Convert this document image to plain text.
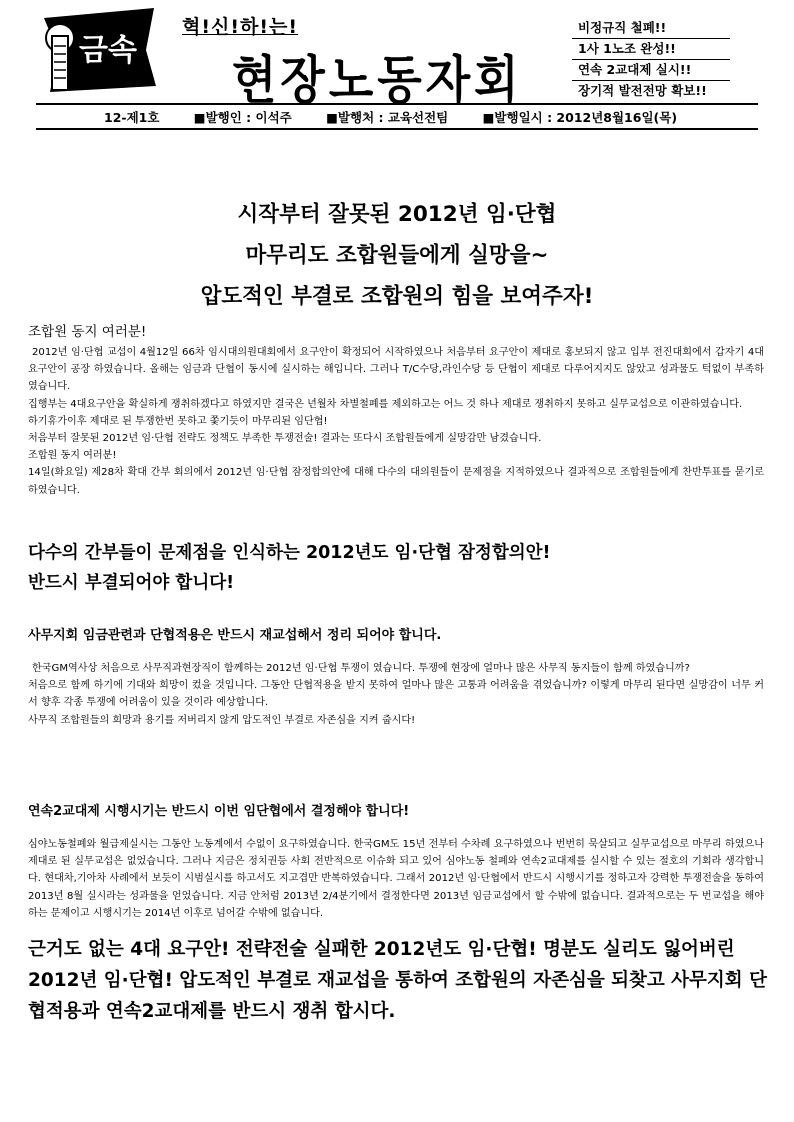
금속
혁!신!하!는!
현장노동자회
비정규직 철폐!!
1사 1노조 완성!!
연속 2교대제 실시!!
장기적 발전전망 확보!!
12-제1호	■발행인 : 이석주	■발행처 : 교육선전팀	■발행일시 : 2012년8월16일(목)
시작부터 잘못된 2012년 임·단협
마무리도 조합원들에게 실망을~
압도적인 부결로 조합원의 힘을 보여주자!
조합원 동지 여러분!
2012년 임·단협 교섭이 4월12일 66차 임시대의원대회에서 요구안이 확정되어 시작하였으나 처음부터 요구안이 제대로 홍보되지 않고 입부 전진대회에서 갑자기 4대 요구안이 공장 하였습니다. 올해는 임금과 단협이 동시에 실시하는 해입니다. 그러나 T/C수당,라인수당 등 단협이 제대로 다루어지지도 않았고 성과물도 턱없이 부족하였습니다.
집행부는 4대요구안을 확실하게 쟁취하겠다고 하였지만 결국은 년월차 차별철폐를 제외하고는 어느 것 하나 제대로 쟁취하지 못하고 실무교섭으로 이관하였습니다.
하기휴가이후 제대로 된 투쟁한번 못하고 쫓기듯이 마무리된 임단협!
처음부터 잘못된 2012년 임·단협 전략도 정책도 부족한 투쟁전술! 결과는 또다시 조합원들에게 실망감만 남겼습니다.
조합원 동지 여러분!
14일(화요일) 제28차 확대 간부 회의에서 2012년 임·단협 잠정합의안에 대해 다수의 대의원들이 문제점을 지적하였으나 결과적으로 조합원들에게 찬반투표를 묻기로 하였습니다.
다수의 간부들이 문제점을 인식하는 2012년도 임·단협 잠정합의안!
반드시 부결되어야 합니다!
사무지회 임금관련과 단협적용은 반드시 재교섭해서 정리 되어야 합니다.
한국GM역사상 처음으로 사무직과현장직이 함께하는 2012년 임·단협 투쟁이 였습니다. 투쟁에 현장에 얼마나 많은 사무직 동지들이 함께 하였습니까?
처음으로 함께 하기에 기대와 희망이 컸을 것입니다. 그동안 단협적용을 받지 못하여 얼마나 많은 고통과 어려움을 겪었습니까? 이렇게 마무리 된다면 실망감이 너무 커서 향후 각종 투쟁에 어려움이 있을 것이라 예상합니다.
사무직 조합원들의 희망과 용기를 저버리지 않게 압도적인 부결로 자존심을 지켜 줍시다!
연속2교대제 시행시기는 반드시 이번 임단협에서 결정해야 합니다!
심야노동철폐와 월급제실시는 그동안 노동계에서 수없이 요구하였습니다. 한국GM도 15년 전부터 수차례 요구하였으나 번번히 묵살되고 실무교섭으로 마무리 하였으나 제대로 된 실무교섭은 없었습니다. 그러나 지금은 정치권등 사회 전반적으로 이슈화 되고 있어 심야노동 철폐와 연속2교대제를 실시할 수 있는 절호의 기회라 생각합니다. 현대차,기아차 사례에서 보듯이 시범실시를 하고서도 지고겹만 반복하였습니다. 그래서 2012년 임·단협에서 반드시 시행시기를 정하고자 강력한 투쟁전술을 동하여 2013년 8월 실시라는 성과물을 얻었습니다. 지금 안처럼 2013년 2/4분기에서 결정한다면 2013년 임금교섭에서 할 수밖에 없습니다. 결과적으로는 두 번교섭을 해야하는 문제이고 시행시기는 2014년 이후로 넘어갈 수밖에 없습니다.
근거도 없는 4대 요구안! 전략전술 실패한 2012년도 임·단협! 명분도 실리도 잃어버린 2012년 임·단협! 압도적인 부결로 재교섭을 통하여 조합원의 자존심을 되찾고 사무지회 단협적용과 연속2교대제를 반드시 쟁취 합시다.
